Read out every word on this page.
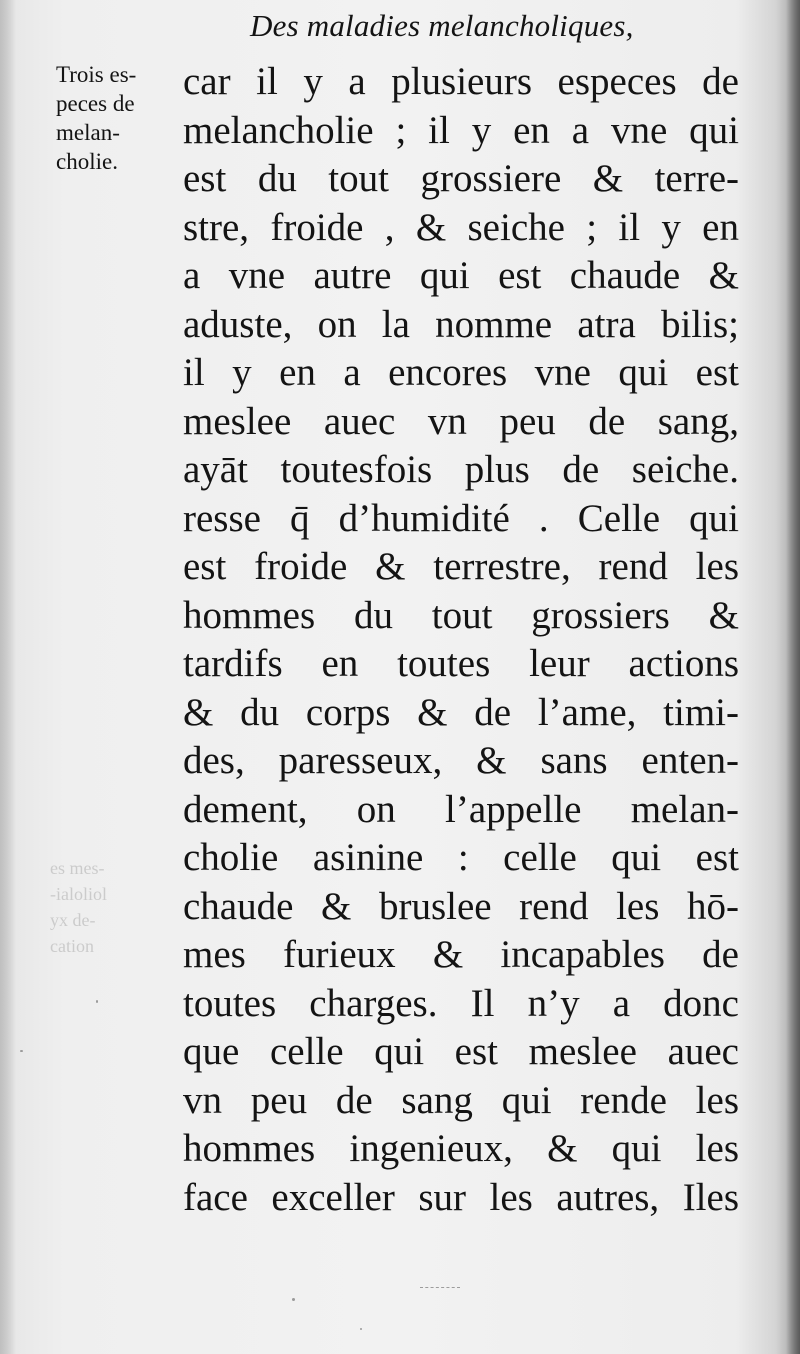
Des maladies melancholiques,
Trois es-
peces de
melan-
cholie.
es mes-
-ialoliol
yx de-
cation
car il y a plusieurs especes de
melancholie ; il y en a vne qui
est du tout grossiere & terre-
stre, froide , & seiche ; il y en
a vne autre qui est chaude &
aduste, on la nomme atra bilis;
il y en a encores vne qui est
meslee auec vn peu de sang,
ayāt toutesfois plus de seiche.
resse q̄ d’humidité . Celle qui
est froide & terrestre, rend les
hommes du tout grossiers &
tardifs en toutes leur actions
& du corps & de l’ame, timi-
des, paresseux, & sans enten-
dement, on l’appelle melan-
cholie asinine : celle qui est
chaude & bruslee rend les hō-
mes furieux & incapables de
toutes charges. Il n’y a donc
que celle qui est meslee auec
vn peu de sang qui rende les
hommes ingenieux, & qui les
face exceller sur les autres, Iles
